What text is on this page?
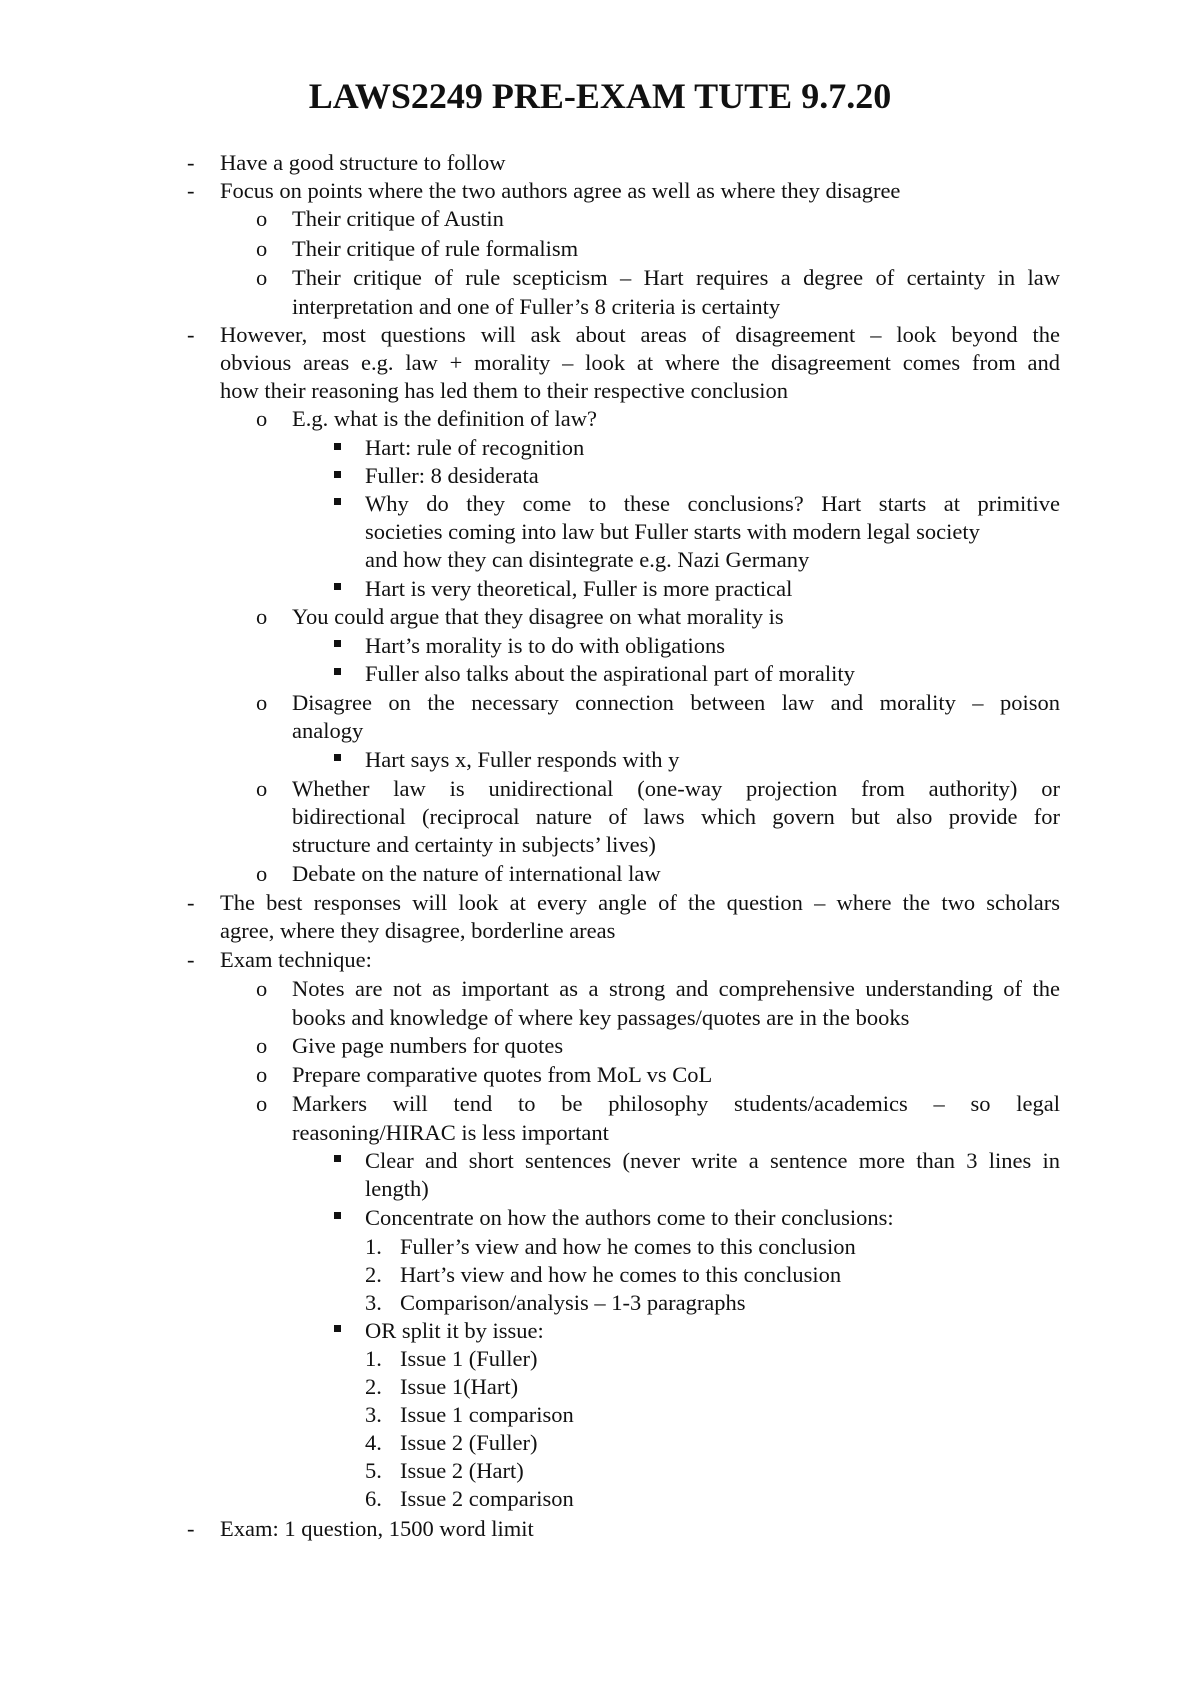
LAWS2249 PRE-EXAM TUTE 9.7.20
- Have a good structure to follow
- Focus on points where the two authors agree as well as where they disagree
o Their critique of Austin
o Their critique of rule formalism
o Their critique of rule scepticism – Hart requires a degree of certainty in law
interpretation and one of Fuller’s 8 criteria is certainty
- However, most questions will ask about areas of disagreement – look beyond the
obvious areas e.g. law + morality – look at where the disagreement comes from and
how their reasoning has led them to their respective conclusion
o E.g. what is the definition of law?
Hart: rule of recognition
Fuller: 8 desiderata
Why do they come to these conclusions? Hart starts at primitive
societies coming into law but Fuller starts with modern legal society
and how they can disintegrate e.g. Nazi Germany
Hart is very theoretical, Fuller is more practical
o You could argue that they disagree on what morality is
Hart’s morality is to do with obligations
Fuller also talks about the aspirational part of morality
o Disagree on the necessary connection between law and morality – poison
analogy
Hart says x, Fuller responds with y
o Whether law is unidirectional (one-way projection from authority) or
bidirectional (reciprocal nature of laws which govern but also provide for
structure and certainty in subjects’ lives)
o Debate on the nature of international law
- The best responses will look at every angle of the question – where the two scholars
agree, where they disagree, borderline areas
- Exam technique:
o Notes are not as important as a strong and comprehensive understanding of the
books and knowledge of where key passages/quotes are in the books
o Give page numbers for quotes
o Prepare comparative quotes from MoL vs CoL
o Markers will tend to be philosophy students/academics – so legal
reasoning/HIRAC is less important
Clear and short sentences (never write a sentence more than 3 lines in
length)
Concentrate on how the authors come to their conclusions:
1. Fuller’s view and how he comes to this conclusion
2. Hart’s view and how he comes to this conclusion
3. Comparison/analysis – 1-3 paragraphs
OR split it by issue:
1. Issue 1 (Fuller)
2. Issue 1(Hart)
3. Issue 1 comparison
4. Issue 2 (Fuller)
5. Issue 2 (Hart)
6. Issue 2 comparison
- Exam: 1 question, 1500 word limit
